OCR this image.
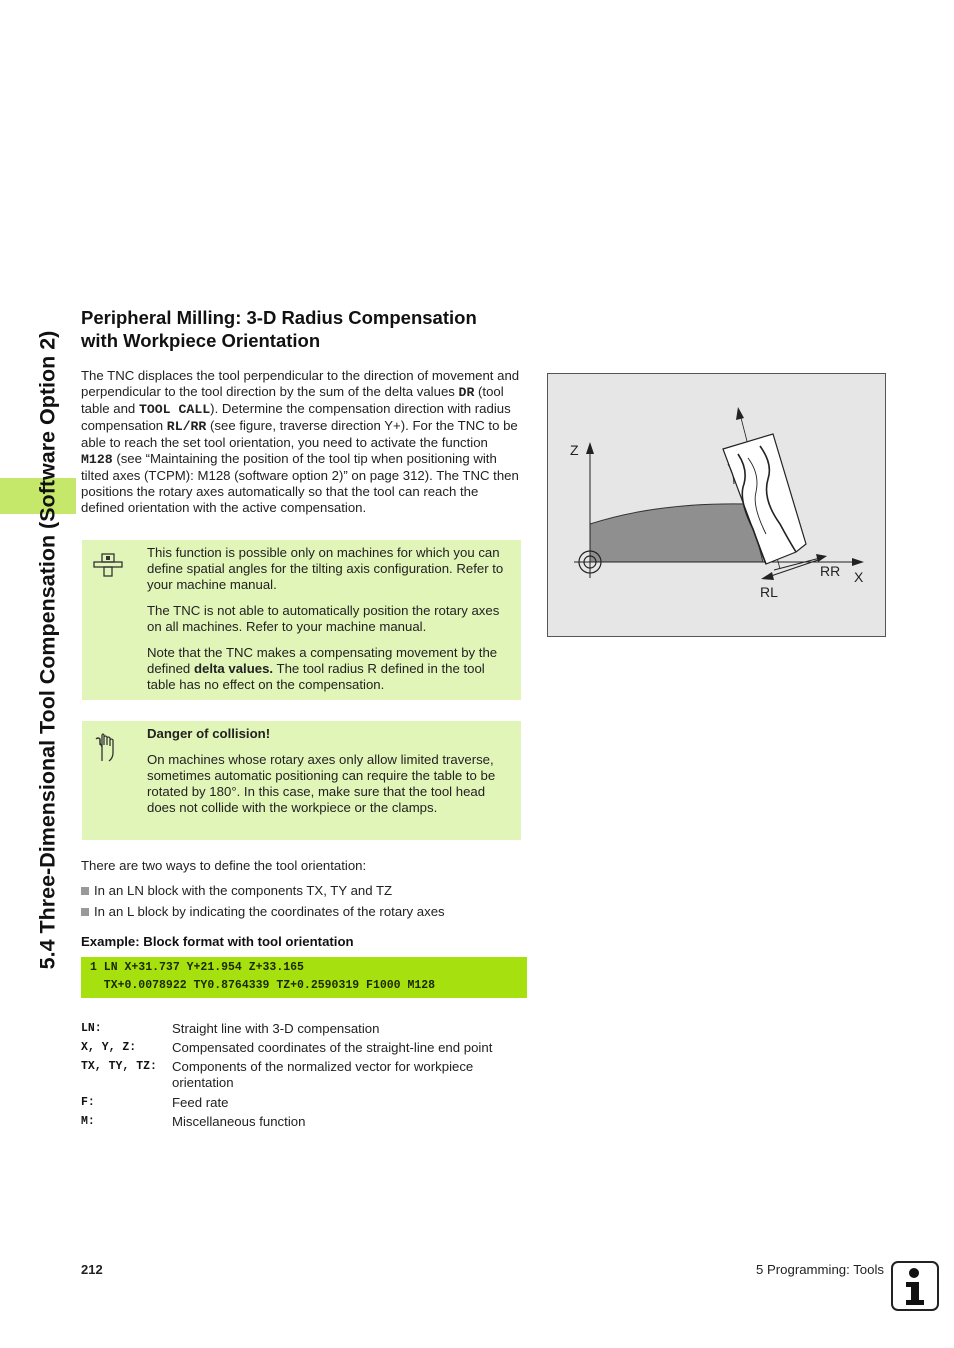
5.4 Three-Dimensional Tool Compensation (Software Option 2)
Peripheral Milling: 3-D Radius Compensation
with Workpiece Orientation
The TNC displaces the tool perpendicular to the direction of movement and perpendicular to the tool direction by the sum of the delta values DR (tool table and TOOL CALL). Determine the compensation direction with radius compensation RL/RR (see figure, traverse direction Y+). For the TNC to be able to reach the set tool orientation, you need to activate the function M128 (see “Maintaining the position of the tool tip when positioning with tilted axes (TCPM): M128 (software option 2)” on page 312). The TNC then positions the rotary axes automatically so that the tool can reach the defined orientation with the active compensation.

This function is possible only on machines for which you can define spatial angles for the tilting axis configuration. Refer to your machine manual.

The TNC is not able to automatically position the rotary axes on all machines. Refer to your machine manual.

Note that the TNC makes a compensating movement by the defined delta values. The tool radius R defined in the tool table has no effect on the compensation.

Danger of collision!

On machines whose rotary axes only allow limited traverse, sometimes automatic positioning can require the table to be rotated by 180°. In this case, make sure that the tool head does not collide with the workpiece or the clamps.

Z
X
RR
RL
There are two ways to define the tool orientation:
In an LN block with the components TX, TY and TZ
In an L block by indicating the coordinates of the rotary axes
Example: Block format with tool orientation
1 LN X+31.737 Y+21.954 Z+33.165
TX+0.0078922 TY0.8764339 TZ+0.2590319 F1000 M128
LN:	Straight line with 3-D compensation
X, Y, Z:	Compensated coordinates of the straight-line end point
TX, TY, TZ: Components of the normalized vector for workpiece orientation
F:	Feed rate
M:	Miscellaneous function
212	5 Programming: Tools
